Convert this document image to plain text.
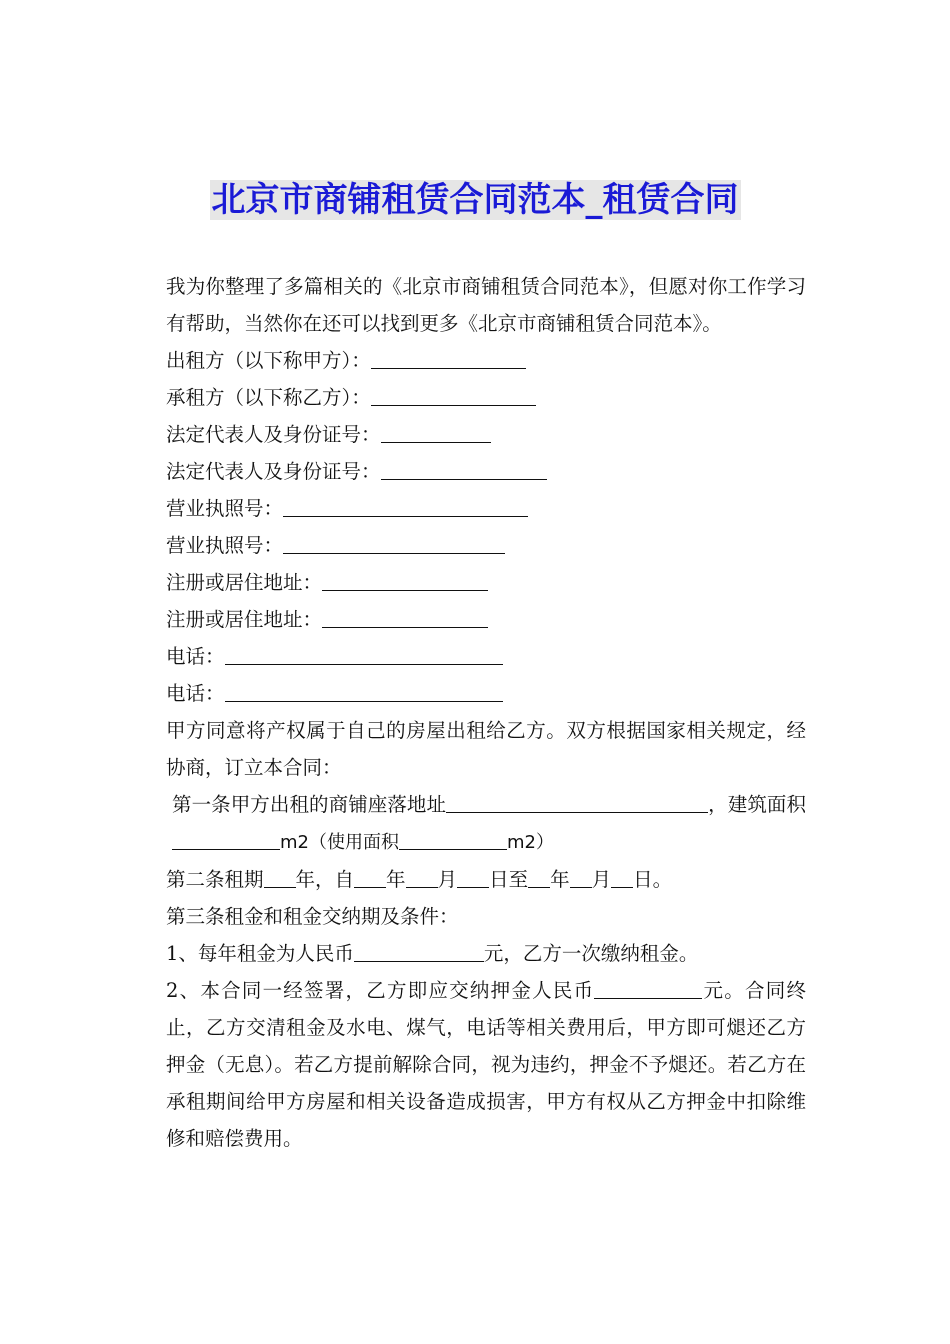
北京市商铺租赁合同范本_租赁合同

我为你整理了多篇相关的《北京市商铺租赁合同范本》，但愿对你工作学习有帮助，当然你在还可以找到更多《北京市商铺租赁合同范本》。

出租方（以下称甲方）：

承租方（以下称乙方）：

法定代表人及身份证号：

法定代表人及身份证号：

营业执照号：

营业执照号：

注册或居住地址：

注册或居住地址：

电话：

电话：

甲方同意将产权属于自己的房屋出租给乙方。双方根据国家相关规定，经协商，订立本合同：

第一条甲方出租的商铺座落地址	，建筑面积m2（使用面积	m2）

第二条租期 年，自 年 月 日至 年 月 日。

第三条租金和租金交纳期及条件：

1、每年租金为人民币	元，乙方一次缴纳租金。

2、本合同一经签署，乙方即应交纳押金人民币	元。合同终止，乙方交清租金及水电、煤气，电话等相关费用后，甲方即可煺还乙方押金（无息）。若乙方提前解除合同，视为违约，押金不予煺还。若乙方在承租期间给甲方房屋和相关设备造成损害，甲方有权从乙方押金中扣除维修和赔偿费用。
